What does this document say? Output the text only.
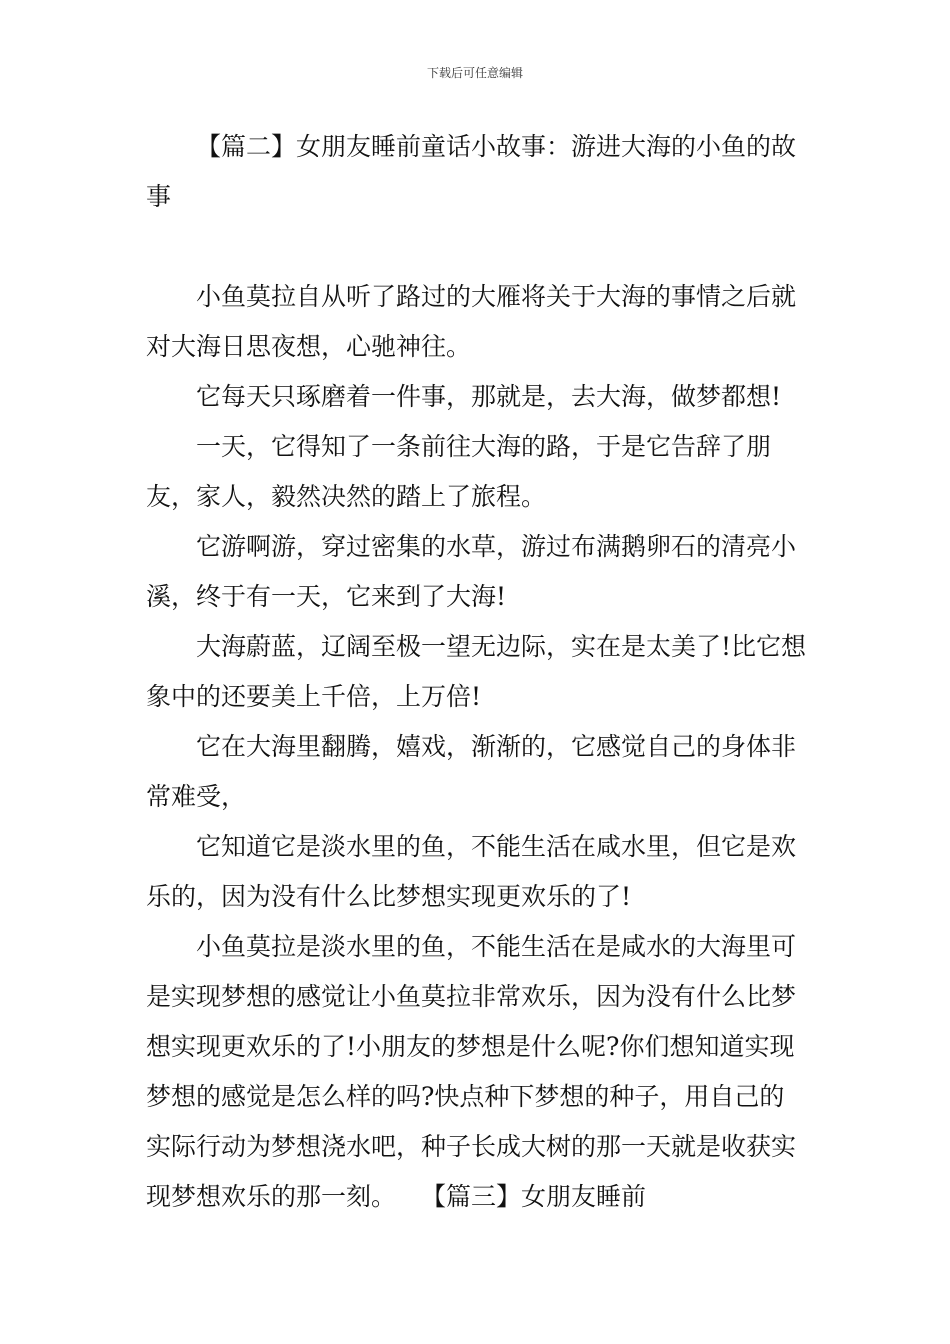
下载后可任意编辑

【篇二】女朋友睡前童话小故事：游进大海的小鱼的故事

小鱼莫拉自从听了路过的大雁将关于大海的事情之后就对大海日思夜想，心驰神往。

它每天只琢磨着一件事，那就是，去大海，做梦都想!

一天，它得知了一条前往大海的路，于是它告辞了朋友，家人，毅然决然的踏上了旅程。

它游啊游，穿过密集的水草，游过布满鹅卵石的清亮小溪，终于有一天，它来到了大海!

大海蔚蓝，辽阔至极一望无边际，实在是太美了!比它想象中的还要美上千倍，上万倍!

它在大海里翻腾，嬉戏，渐渐的，它感觉自己的身体非常难受，

它知道它是淡水里的鱼，不能生活在咸水里，但它是欢乐的，因为没有什么比梦想实现更欢乐的了!

小鱼莫拉是淡水里的鱼，不能生活在是咸水的大海里可是实现梦想的感觉让小鱼莫拉非常欢乐，因为没有什么比梦想实现更欢乐的了!小朋友的梦想是什么呢?你们想知道实现梦想的感觉是怎么样的吗?快点种下梦想的种子，用自己的实际行动为梦想浇水吧，种子长成大树的那一天就是收获实现梦想欢乐的那一刻。　　【篇三】女朋友睡前
